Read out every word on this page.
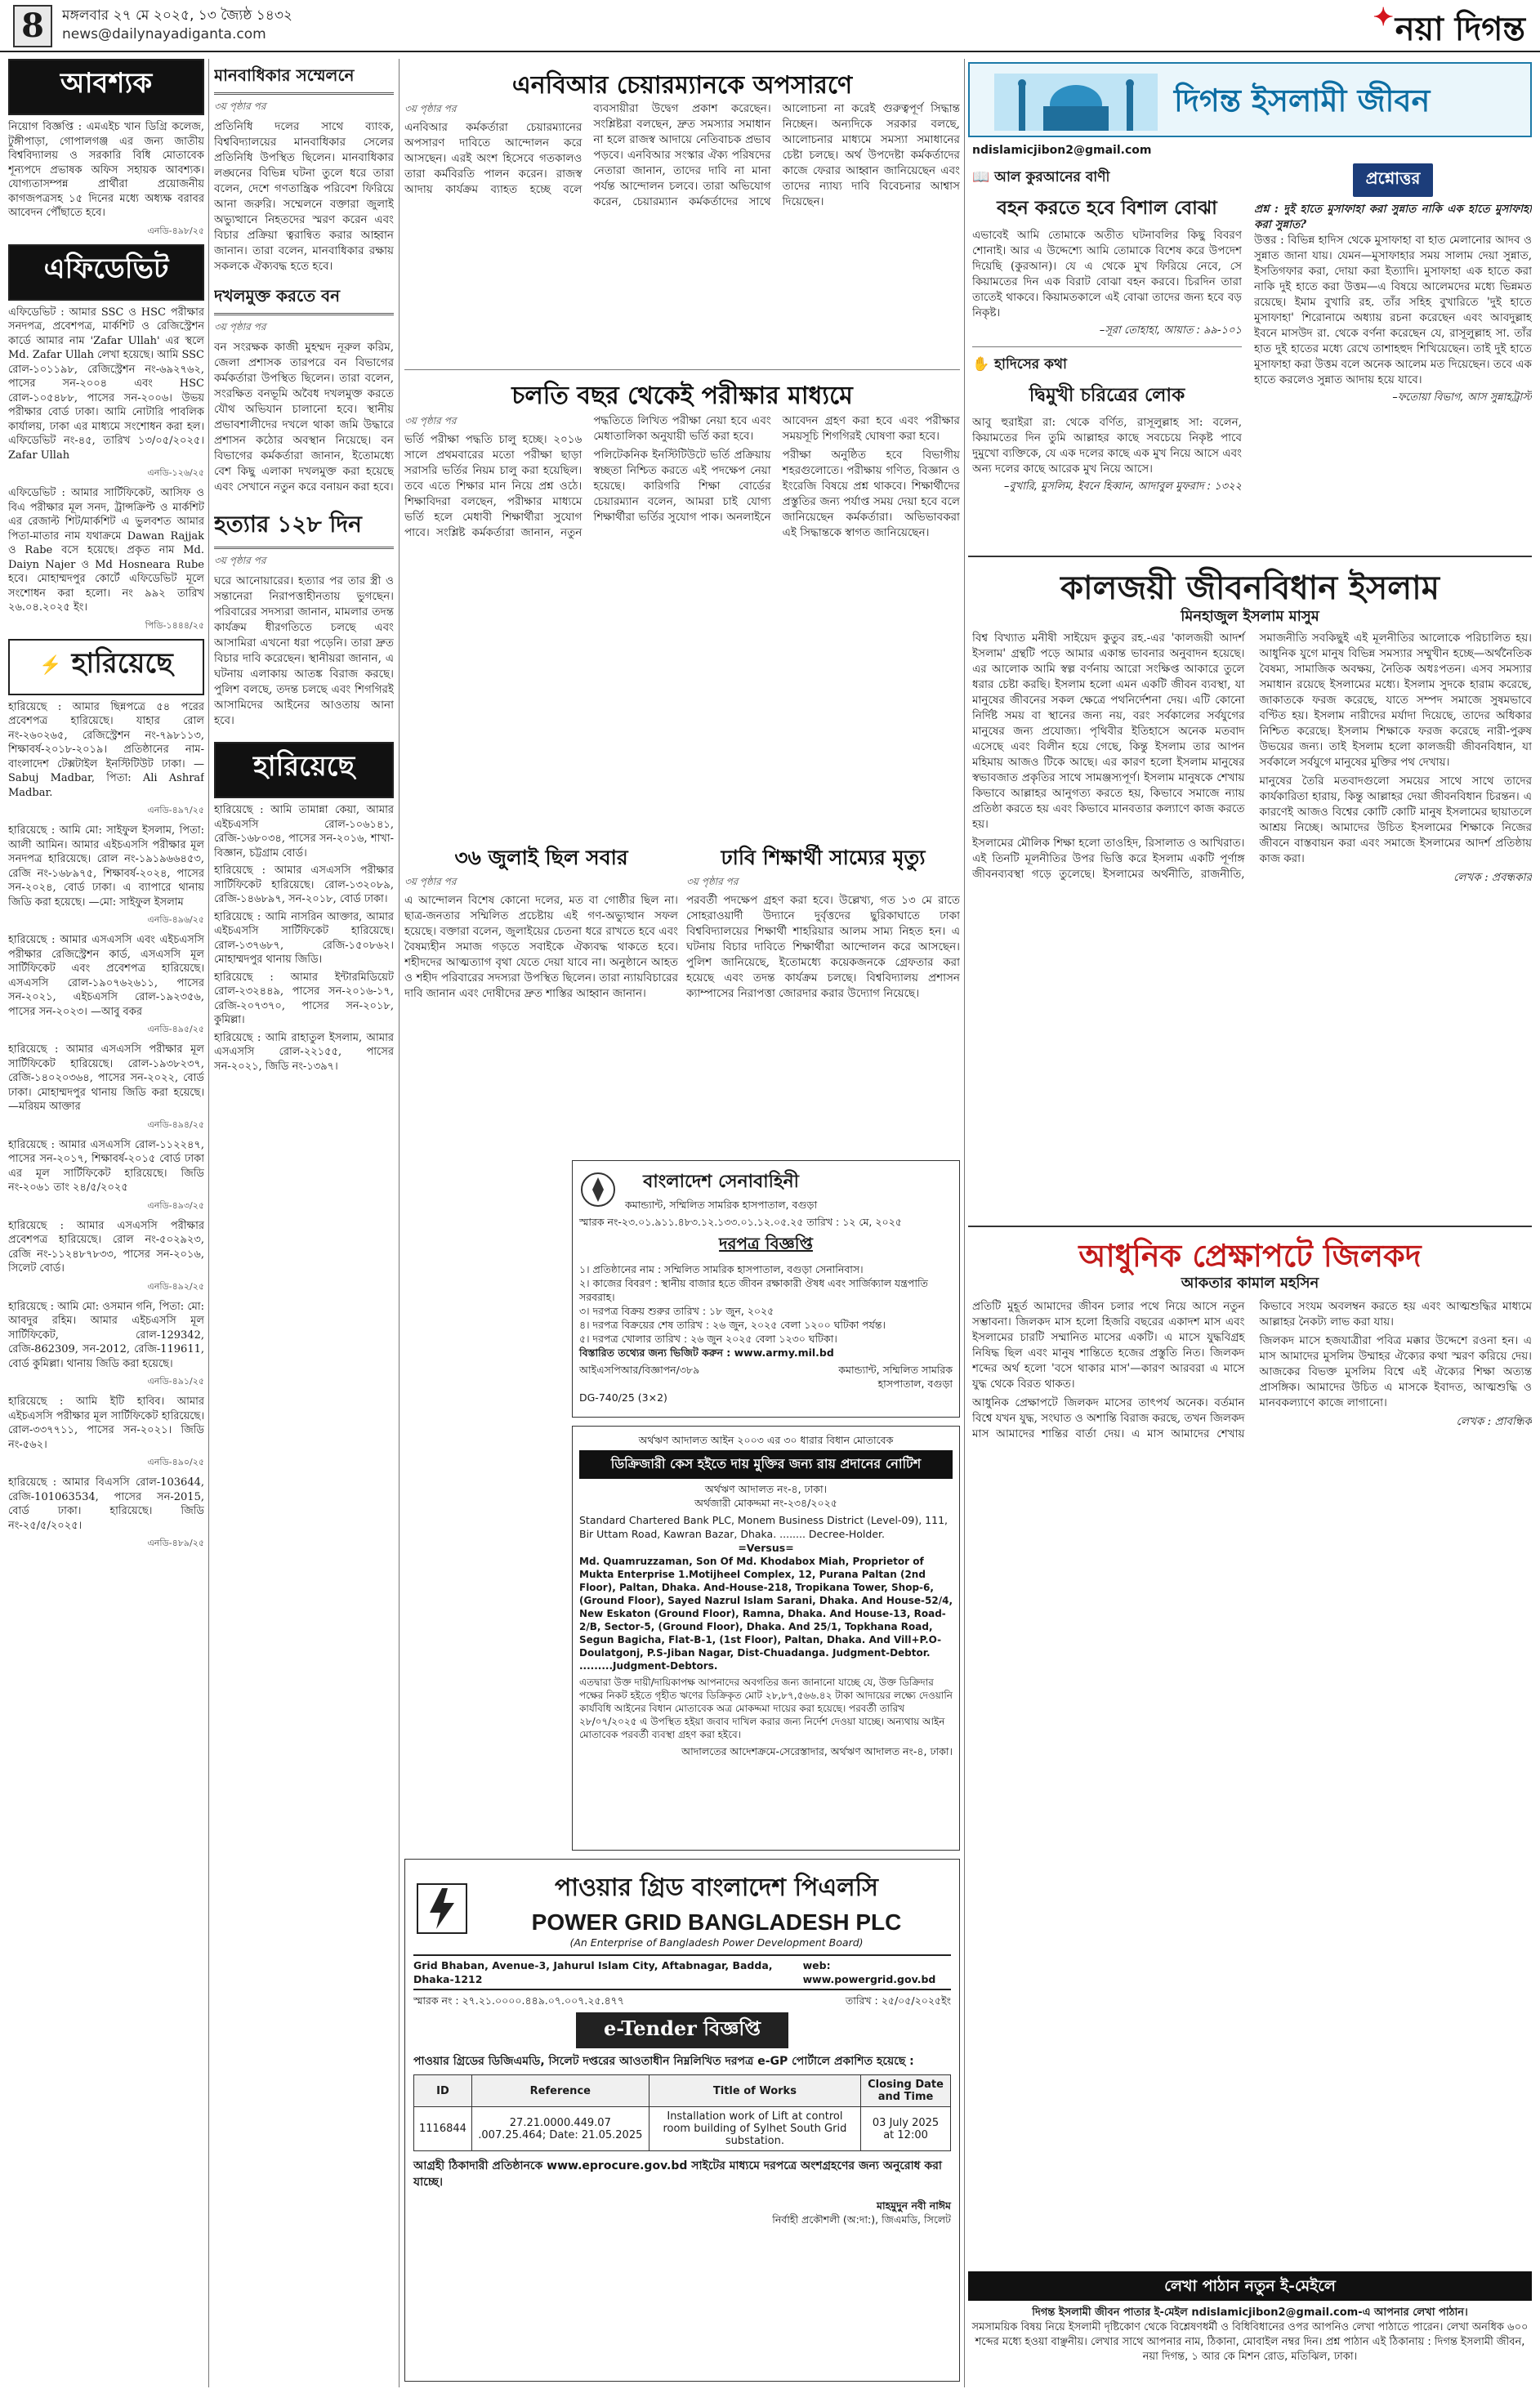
8	মঙ্গলবার ২৭ মে ২০২৫, ১৩ জ্যৈষ্ঠ ১৪৩২
news@dailynayadiganta.com
✦নয়া দিগন্ত
আবশ্যক
নিয়োগ বিজ্ঞপ্তি : এমএইচ খান ডিগ্রি কলেজ, টুঙ্গীপাড়া, গোপালগঞ্জ এর জন্য জাতীয় বিশ্ববিদ্যালয় ও সরকারি বিধি মোতাবেক শূন্যপদে প্রভাষক অফিস সহায়ক আবশ্যক। যোগ্যতাসম্পন্ন প্রার্থীরা প্রয়োজনীয় কাগজপত্রসহ ১৫ দিনের মধ্যে অধ্যক্ষ বরাবর আবেদন পৌঁছাতে হবে।
এনডি-৪৯৮/২৫
এফিডেভিট
এফিডেভিট : আমার SSC ও HSC পরীক্ষার সনদপত্র, প্রবেশপত্র, মার্কশিট ও রেজিস্ট্রেশন কার্ডে আমার নাম 'Zafar Ullah' এর স্থলে Md. Zafar Ullah লেখা হয়েছে। আমি SSC রোল-১০১১৯৮, রেজিস্ট্রেশন নং-৬৯২৭৬২, পাসের সন-২০০৪ এবং HSC রোল-১০৫৪৮৮, পাসের সন-২০০৬। উভয় পরীক্ষার বোর্ড ঢাকা। আমি নোটারি পাবলিক কার্যালয়, ঢাকা এর মাধ্যমে সংশোধন করা হল। এফিডেভিট নং-৪৫, তারিখ ১৩/০৫/২০২৫। Zafar Ullah
এনডি-১২৬/২৫
এফিডেভিট : আমার সার্টিফিকেট, আসিফ ও বিএ পরীক্ষার মূল সনদ, ট্রান্সক্রিপ্ট ও মার্কশিট এর রেজাল্ট শিট/মার্কশিট এ ভুলবশত আমার পিতা-মাতার নাম যথাক্রমে Dawan Rajjak ও Rabe বসে হয়েছে। প্রকৃত নাম Md. Daiyn Najer ও Md Hosneara Rube হবে। মোহাম্মদপুর কোর্টে এফিডেভিট মূলে সংশোধন করা হলো। নং ৯৯২ তারিখ ২৬.০৪.২০২৫ ইং।
পিডি-১৪৪৪/২৫
⚡ হারিয়েছে
হারিয়েছে : আমার ছিন্নপত্রে ৫৪ পরের প্রবেশপত্র হারিয়েছে। যাহার রোল নং-২৬০২৬৫, রেজিস্ট্রেশন নং-৭৯৮১১৩, শিক্ষাবর্ষ-২০১৮-২০১৯। প্রতিষ্ঠানের নাম-বাংলাদেশ টেক্সটাইল ইনস্টিটিউট ঢাকা। —Sabuj Madbar, পিতা: Ali Ashraf Madbar.
এনডি-৪৯৭/২৫
হারিয়েছে : আমি মো: সাইফুল ইসলাম, পিতা: আলী আমিন। আমার এইচএসসি পরীক্ষার মূল সনদপত্র হারিয়েছে। রোল নং-১৯১৯৬৬৪৫৩, রেজি নং-১৬৮৯৭৫, শিক্ষাবর্ষ-২০২৪, পাসের সন-২০২৪, বোর্ড ঢাকা। এ ব্যাপারে থানায় জিডি করা হয়েছে। —মো: সাইফুল ইসলাম
এনডি-৪৯৬/২৫
হারিয়েছে : আমার এসএসসি এবং এইচএসসি পরীক্ষার রেজিস্ট্রেশন কার্ড, এসএসসি মূল সার্টিফিকেট এবং প্রবেশপত্র হারিয়েছে। এসএসসি রোল-১৯০৭৬২৬১১, পাসের সন-২০২১, এইচএসসি রোল-১৯২৩৫৬, পাসের সন-২০২৩। —আবু বকর
এনডি-৪৯৫/২৫
হারিয়েছে : আমার এসএসসি পরীক্ষার মূল সার্টিফিকেট হারিয়েছে। রোল-১৯৩৮২৩৭, রেজি-১৪০২০৩৬৪, পাসের সন-২০২২, বোর্ড ঢাকা। মোহাম্মদপুর থানায় জিডি করা হয়েছে। —মরিয়ম আক্তার
এনডি-৪৯৪/২৫
হারিয়েছে : আমার এসএসসি রোল-১১২২৪৭, পাসের সন-২০১৭, শিক্ষাবর্ষ-২০১৫ বোর্ড ঢাকা এর মূল সার্টিফিকেট হারিয়েছে। জিডি নং-২০৬১ তাং ২৪/৫/২০২৫
এনডি-৪৯৩/২৫
হারিয়েছে : আমার এসএসসি পরীক্ষার প্রবেশপত্র হারিয়েছে। রোল নং-৫০২৯২৩, রেজি নং-১১২৪৮৭৮৩৩, পাসের সন-২০১৬, সিলেট বোর্ড।
এনডি-৪৯২/২৫
হারিয়েছে : আমি মো: ওসমান গনি, পিতা: মো: আবদুর রহিম। আমার এইচএসসি মূল সার্টিফিকেট, রোল-129342, রেজি-862309, সন-2012, রেজি-119611, বোর্ড কুমিল্লা। থানায় জিডি করা হয়েছে।
এনডি-৪৯১/২৫
হারিয়েছে : আমি ইটি হাবিব। আমার এইচএসসি পরীক্ষার মূল সার্টিফিকেট হারিয়েছে। রোল-৩৩৭৭১১, পাসের সন-২০২১। জিডি নং-৫৬২।
এনডি-৪৯০/২৫
হারিয়েছে : আমার বিএসসি রোল-103644, রেজি-101063534, পাসের সন-2015, বোর্ড ঢাকা। হারিয়েছে। জিডি নং-২৫/৫/২০২৫।
এনডি-৪৮৯/২৫
মানবাধিকার সম্মেলনে
৩য় পৃষ্ঠার পর
প্রতিনিধি দলের সাথে ব্যাংক, বিশ্ববিদ্যালয়ের মানবাধিকার সেলের প্রতিনিধি উপস্থিত ছিলেন। মানবাধিকার লঙ্ঘনের বিভিন্ন ঘটনা তুলে ধরে তারা বলেন, দেশে গণতান্ত্রিক পরিবেশ ফিরিয়ে আনা জরুরি। সম্মেলনে বক্তারা জুলাই অভ্যুত্থানে নিহতদের স্মরণ করেন এবং বিচার প্রক্রিয়া ত্বরান্বিত করার আহ্বান জানান। তারা বলেন, মানবাধিকার রক্ষায় সকলকে ঐক্যবদ্ধ হতে হবে।
দখলমুক্ত করতে বন
৩য় পৃষ্ঠার পর
বন সংরক্ষক কাজী মুহম্মদ নূরুল করিম, জেলা প্রশাসক তারপরে বন বিভাগের কর্মকর্তারা উপস্থিত ছিলেন। তারা বলেন, সংরক্ষিত বনভূমি অবৈধ দখলমুক্ত করতে যৌথ অভিযান চালানো হবে। স্থানীয় প্রভাবশালীদের দখলে থাকা জমি উদ্ধারে প্রশাসন কঠোর অবস্থান নিয়েছে। বন বিভাগের কর্মকর্তারা জানান, ইতোমধ্যে বেশ কিছু এলাকা দখলমুক্ত করা হয়েছে এবং সেখানে নতুন করে বনায়ন করা হবে।
হত্যার ১২৮ দিন
৩য় পৃষ্ঠার পর
ঘরে আনোয়ারের। হত্যার পর তার স্ত্রী ও সন্তানেরা নিরাপত্তাহীনতায় ভুগছেন। পরিবারের সদস্যরা জানান, মামলার তদন্ত কার্যক্রম ধীরগতিতে চলছে এবং আসামিরা এখনো ধরা পড়েনি। তারা দ্রুত বিচার দাবি করেছেন। স্থানীয়রা জানান, এ ঘটনায় এলাকায় আতঙ্ক বিরাজ করছে। পুলিশ বলছে, তদন্ত চলছে এবং শিগগিরই আসামিদের আইনের আওতায় আনা হবে।
হারিয়েছে
হারিয়েছে : আমি তামান্না কেয়া, আমার এইচএসসি রোল-১০৬১৪১, রেজি-১৬৮০৩৪, পাসের সন-২০১৬, শাখা-বিজ্ঞান, চট্টগ্রাম বোর্ড।
হারিয়েছে : আমার এসএসসি পরীক্ষার সার্টিফিকেট হারিয়েছে। রোল-১৩২০৮৯, রেজি-১৪৬৮৯৭, সন-২০১৮, বোর্ড ঢাকা।
হারিয়েছে : আমি নাসরিন আক্তার, আমার এইচএসসি সার্টিফিকেট হারিয়েছে। রোল-১৩৭৬৮৭, রেজি-১৫০৮৬২। মোহাম্মদপুর থানায় জিডি।
হারিয়েছে : আমার ইন্টারমিডিয়েট রোল-২৩২৪৪৯, পাসের সন-২০১৬-১৭, রেজি-২০৭৩৭০, পাসের সন-২০১৮, কুমিল্লা।
হারিয়েছে : আমি রাহাতুল ইসলাম, আমার এসএসসি রোল-২২১৫৫, পাসের সন-২০২১, জিডি নং-১৩৯৭।
এনবিআর চেয়ারম্যানকে অপসারণে
৩য় পৃষ্ঠার পর
এনবিআর কর্মকর্তারা চেয়ারম্যানের অপসারণ দাবিতে আন্দোলন করে আসছেন। এরই অংশ হিসেবে গতকালও তারা কর্মবিরতি পালন করেন। রাজস্ব আদায় কার্যক্রম ব্যাহত হচ্ছে বলে ব্যবসায়ীরা উদ্বেগ প্রকাশ করেছেন। সংশ্লিষ্টরা বলছেন, দ্রুত সমস্যার সমাধান না হলে রাজস্ব আদায়ে নেতিবাচক প্রভাব পড়বে। এনবিআর সংস্কার ঐক্য পরিষদের নেতারা জানান, তাদের দাবি না মানা পর্যন্ত আন্দোলন চলবে। তারা অভিযোগ করেন, চেয়ারম্যান কর্মকর্তাদের সাথে আলোচনা না করেই গুরুত্বপূর্ণ সিদ্ধান্ত নিচ্ছেন। অন্যদিকে সরকার বলছে, আলোচনার মাধ্যমে সমস্যা সমাধানের চেষ্টা চলছে। অর্থ উপদেষ্টা কর্মকর্তাদের কাজে ফেরার আহ্বান জানিয়েছেন এবং তাদের ন্যায্য দাবি বিবেচনার আশ্বাস দিয়েছেন।
চলতি বছর থেকেই পরীক্ষার মাধ্যমে
৩য় পৃষ্ঠার পর

ভর্তি পরীক্ষা পদ্ধতি চালু হচ্ছে। ২০১৬ সালে প্রথমবারের মতো পরীক্ষা ছাড়া সরাসরি ভর্তির নিয়ম চালু করা হয়েছিল। তবে এতে শিক্ষার মান নিয়ে প্রশ্ন ওঠে। শিক্ষাবিদরা বলছেন, পরীক্ষার মাধ্যমে ভর্তি হলে মেধাবী শিক্ষার্থীরা সুযোগ পাবে। সংশ্লিষ্ট কর্মকর্তারা জানান, নতুন পদ্ধতিতে লিখিত পরীক্ষা নেয়া হবে এবং মেধাতালিকা অনুযায়ী ভর্তি করা হবে।

পলিটেকনিক ইনস্টিটিউটে ভর্তি প্রক্রিয়ায় স্বচ্ছতা নিশ্চিত করতে এই পদক্ষেপ নেয়া হয়েছে। কারিগরি শিক্ষা বোর্ডের চেয়ারম্যান বলেন, আমরা চাই যোগ্য শিক্ষার্থীরা ভর্তির সুযোগ পাক। অনলাইনে আবেদন গ্রহণ করা হবে এবং পরীক্ষার সময়সূচি শিগগিরই ঘোষণা করা হবে।

পরীক্ষা অনুষ্ঠিত হবে বিভাগীয় শহরগুলোতে। পরীক্ষায় গণিত, বিজ্ঞান ও ইংরেজি বিষয়ে প্রশ্ন থাকবে। শিক্ষার্থীদের প্রস্তুতির জন্য পর্যাপ্ত সময় দেয়া হবে বলে জানিয়েছেন কর্মকর্তারা। অভিভাবকরা এই সিদ্ধান্তকে স্বাগত জানিয়েছেন।

ঢাবি শিক্ষার্থী সাম্যের মৃত্যু
৩য় পৃষ্ঠার পর
পরবর্তী পদক্ষেপ গ্রহণ করা হবে। উল্লেখ্য, গত ১৩ মে রাতে সোহরাওয়ার্দী উদ্যানে দুর্বৃত্তদের ছুরিকাঘাতে ঢাকা বিশ্ববিদ্যালয়ের শিক্ষার্থী শাহরিয়ার আলম সাম্য নিহত হন। এ ঘটনায় বিচার দাবিতে শিক্ষার্থীরা আন্দোলন করে আসছেন। পুলিশ জানিয়েছে, ইতোমধ্যে কয়েকজনকে গ্রেফতার করা হয়েছে এবং তদন্ত কার্যক্রম চলছে। বিশ্ববিদ্যালয় প্রশাসন ক্যাম্পাসের নিরাপত্তা জোরদার করার উদ্যোগ নিয়েছে।
৩৬ জুলাই ছিল সবার
৩য় পৃষ্ঠার পর
এ আন্দোলন বিশেষ কোনো দলের, মত বা গোষ্ঠীর ছিল না। ছাত্র-জনতার সম্মিলিত প্রচেষ্টায় এই গণ-অভ্যুত্থান সফল হয়েছে। বক্তারা বলেন, জুলাইয়ের চেতনা ধরে রাখতে হবে এবং বৈষম্যহীন সমাজ গড়তে সবাইকে ঐক্যবদ্ধ থাকতে হবে। শহীদদের আত্মত্যাগ বৃথা যেতে দেয়া যাবে না। অনুষ্ঠানে আহত ও শহীদ পরিবারের সদস্যরা উপস্থিত ছিলেন। তারা ন্যায়বিচারের দাবি জানান এবং দোষীদের দ্রুত শাস্তির আহ্বান জানান।
বাংলাদেশ সেনাবাহিনী
কমান্ড্যান্ট, সম্মিলিত সামরিক হাসপাতাল, বগুড়া
স্মারক নং-২৩.০১.৯১১.৪৮৩.১২.১৩৩.০১.১২.০৫.২৫ তারিখ : ১২ মে, ২০২৫
দরপত্র বিজ্ঞপ্তি
১। প্রতিষ্ঠানের নাম : সম্মিলিত সামরিক হাসপাতাল, বগুড়া সেনানিবাস।
২। কাজের বিবরণ : স্থানীয় বাজার হতে জীবন রক্ষাকারী ঔষধ এবং সার্জিক্যাল যন্ত্রপাতি সরবরাহ।
৩। দরপত্র বিক্রয় শুরুর তারিখ : ১৮ জুন, ২০২৫
৪। দরপত্র বিক্রয়ের শেষ তারিখ : ২৬ জুন, ২০২৫ বেলা ১২০০ ঘটিকা পর্যন্ত।
৫। দরপত্র খোলার তারিখ : ২৬ জুন ২০২৫ বেলা ১২৩০ ঘটিকা।
বিস্তারিত তথ্যের জন্য ভিজিট করুন : www.army.mil.bd
আইএসপিআর/বিজ্ঞাপন/৩৮৯	কমান্ড্যান্ট, সম্মিলিত সামরিক হাসপাতাল, বগুড়া
DG-740/25 (3×2)
অর্থঋণ আদালত আইন ২০০৩ এর ৩০ ধারার বিধান মোতাবেক
ডিক্রিজারী কেস হইতে দায় মুক্তির জন্য রায় প্রদানের নোটিশ
অর্থঋণ আদালত নং-৪, ঢাকা।
অর্থজারী মোকদ্দমা নং-২৩৪/২০২৫
Standard Chartered Bank PLC, Monem Business District (Level-09), 111, Bir Uttam Road, Kawran Bazar, Dhaka. ........ Decree-Holder.
=Versus=
Md. Quamruzzaman, Son Of Md. Khodabox Miah, Proprietor of Mukta Enterprise 1.Motijheel Complex, 12, Purana Paltan (2nd Floor), Paltan, Dhaka. And-House-218, Tropikana Tower, Shop-6, (Ground Floor), Sayed Nazrul Islam Sarani, Dhaka. And House-52/4, New Eskaton (Ground Floor), Ramna, Dhaka. And House-13, Road-2/B, Sector-5, (Ground Floor), Dhaka. And 25/1, Topkhana Road, Segun Bagicha, Flat-B-1, (1st Floor), Paltan, Dhaka. And Vill+P.O-Doulatgonj, P.S-Jiban Nagar, Dist-Chuadanga. Judgment-Debtor. .........Judgment-Debtors.
এতদ্বারা উক্ত দায়ী/দায়িকাপক্ষ আপনাদের অবগতির জন্য জানানো যাচ্ছে যে, উক্ত ডিক্রিদার পক্ষের নিকট হইতে গৃহীত ঋণের ডিক্রিকৃত মোট ২৮,৮৭,৫৬৬.৪২ টাকা আদায়ের লক্ষ্যে দেওয়ানি কার্যবিধি আইনের বিধান মোতাবেক অত্র মোকদ্দমা দায়ের করা হয়েছে। পরবর্তী তারিখ ২৮/০৭/২০২৫ এ উপস্থিত হইয়া জবাব দাখিল করার জন্য নির্দেশ দেওয়া যাচ্ছে। অন্যথায় আইন মোতাবেক পরবর্তী ব্যবস্থা গ্রহণ করা হইবে।
আদালতের আদেশক্রমে-সেরেস্তাদার, অর্থঋণ আদালত নং-৪, ঢাকা।
পাওয়ার গ্রিড বাংলাদেশ পিএলসি
POWER GRID BANGLADESH PLC
(An Enterprise of Bangladesh Power Development Board)
Grid Bhaban, Avenue-3, Jahurul Islam City, Aftabnagar, Badda, Dhaka-1212
web: www.powergrid.gov.bd
স্মারক নং : ২৭.২১.০০০০.৪৪৯.০৭.০০৭.২৫.৪৭৭	তারিখ : ২৫/০৫/২০২৫ইং
e-Tender বিজ্ঞপ্তি
পাওয়ার গ্রিডের ডিজিএমডি, সিলেট দপ্তরের আওতাধীন নিম্নলিখিত দরপত্র e-GP পোর্টালে প্রকাশিত হয়েছে :
ID	Reference	Title of Works	Closing Date and Time
1116844	27.21.0000.449.07 .007.25.464; Date: 21.05.2025	Installation work of Lift at control room building of Sylhet South Grid substation.	03 July 2025 at 12:00
আগ্রহী ঠিকাদারী প্রতিষ্ঠানকে www.eprocure.gov.bd সাইটের মাধ্যমে দরপত্রে অংশগ্রহণের জন্য অনুরোধ করা যাচ্ছে।
মাহমুদুন নবী নাঈম
নির্বাহী প্রকৌশলী (অ:দা:), জিএমডি, সিলেট
দিগন্ত ইসলামী জীবন
ndislamicjibon2@gmail.com
📖 আল কুরআনের বাণী
বহন করতে হবে বিশাল বোঝা
এভাবেই আমি তোমাকে অতীত ঘটনাবলির কিছু বিবরণ শোনাই। আর এ উদ্দেশ্যে আমি তোমাকে বিশেষ করে উপদেশ দিয়েছি (কুরআন)। যে এ থেকে মুখ ফিরিয়ে নেবে, সে কিয়ামতের দিন এক বিরাট বোঝা বহন করবে। চিরদিন তারা তাতেই থাকবে। কিয়ামতকালে এই বোঝা তাদের জন্য হবে বড় নিকৃষ্ট।
–সূরা তোহাহা, আয়াত : ৯৯-১০১
✋ হাদিসের কথা
দ্বিমুখী চরিত্রের লোক
আবু হুরাইরা রা: থেকে বর্ণিত, রাসূলুল্লাহ সা: বলেন, কিয়ামতের দিন তুমি আল্লাহর কাছে সবচেয়ে নিকৃষ্ট পাবে দুমুখো ব্যক্তিকে, যে এক দলের কাছে এক মুখ নিয়ে আসে এবং অন্য দলের কাছে আরেক মুখ নিয়ে আসে।
–বুখারি, মুসলিম, ইবনে হিব্বান, আদাবুল মুফরাদ : ১৩২২
প্রশ্নোত্তর
প্রশ্ন : দুই হাতে মুসাফাহা করা সুন্নাত নাকি এক হাতে মুসাফাহা করা সুন্নাত?
উত্তর : বিভিন্ন হাদিস থেকে মুসাফাহা বা হাত মেলানোর আদব ও সুন্নাত জানা যায়। যেমন—মুসাফাহার সময় সালাম দেয়া সুন্নাত, ইসতিগফার করা, দোয়া করা ইত্যাদি। মুসাফাহা এক হাতে করা নাকি দুই হাতে করা উত্তম—এ বিষয়ে আলেমদের মধ্যে ভিন্নমত রয়েছে। ইমাম বুখারি রহ. তাঁর সহিহ বুখারিতে 'দুই হাতে মুসাফাহা' শিরোনামে অধ্যায় রচনা করেছেন এবং আবদুল্লাহ ইবনে মাসউদ রা. থেকে বর্ণনা করেছেন যে, রাসূলুল্লাহ সা. তাঁর হাত দুই হাতের মধ্যে রেখে তাশাহহুদ শিখিয়েছেন। তাই দুই হাতে মুসাফাহা করা উত্তম বলে অনেক আলেম মত দিয়েছেন। তবে এক হাতে করলেও সুন্নাত আদায় হয়ে যাবে।
–ফতোয়া বিভাগ, আস সুন্নাহট্রাস্ট
কালজয়ী জীবনবিধান ইসলাম
মিনহাজুল ইসলাম মাসুম

বিশ্ব বিখ্যাত মনীষী সাইয়েদ কুতুব রহ.-এর 'কালজয়ী আদর্শ ইসলাম' গ্রন্থটি পড়ে আমার একান্ত ভাবনার অনুবাদন হয়েছে। এর আলোক আমি স্বল্প বর্ণনায় আরো সংক্ষিপ্ত আকারে তুলে ধরার চেষ্টা করছি। ইসলাম হলো এমন একটি জীবন ব্যবস্থা, যা মানুষের জীবনের সকল ক্ষেত্রে পথনির্দেশনা দেয়। এটি কোনো নির্দিষ্ট সময় বা স্থানের জন্য নয়, বরং সর্বকালের সর্বযুগের মানুষের জন্য প্রযোজ্য। পৃথিবীর ইতিহাসে অনেক মতবাদ এসেছে এবং বিলীন হয়ে গেছে, কিন্তু ইসলাম তার আপন মহিমায় আজও টিকে আছে। এর কারণ হলো ইসলাম মানুষের স্বভাবজাত প্রকৃতির সাথে সামঞ্জস্যপূর্ণ। ইসলাম মানুষকে শেখায় কিভাবে আল্লাহর আনুগত্য করতে হয়, কিভাবে সমাজে ন্যায় প্রতিষ্ঠা করতে হয় এবং কিভাবে মানবতার কল্যাণে কাজ করতে হয়।

ইসলামের মৌলিক শিক্ষা হলো তাওহিদ, রিসালাত ও আখিরাত। এই তিনটি মূলনীতির উপর ভিত্তি করে ইসলাম একটি পূর্ণাঙ্গ জীবনব্যবস্থা গড়ে তুলেছে। ইসলামের অর্থনীতি, রাজনীতি, সমাজনীতি সবকিছুই এই মূলনীতির আলোকে পরিচালিত হয়। আধুনিক যুগে মানুষ বিভিন্ন সমস্যার সম্মুখীন হচ্ছে—অর্থনৈতিক বৈষম্য, সামাজিক অবক্ষয়, নৈতিক অধঃপতন। এসব সমস্যার সমাধান রয়েছে ইসলামের মধ্যে। ইসলাম সুদকে হারাম করেছে, জাকাতকে ফরজ করেছে, যাতে সম্পদ সমাজে সুষমভাবে বণ্টিত হয়। ইসলাম নারীদের মর্যাদা দিয়েছে, তাদের অধিকার নিশ্চিত করেছে। ইসলাম শিক্ষাকে ফরজ করেছে নারী-পুরুষ উভয়ের জন্য। তাই ইসলাম হলো কালজয়ী জীবনবিধান, যা সর্বকালে সর্বযুগে মানুষের মুক্তির পথ দেখায়।

মানুষের তৈরি মতবাদগুলো সময়ের সাথে সাথে তাদের কার্যকারিতা হারায়, কিন্তু আল্লাহর দেয়া জীবনবিধান চিরন্তন। এ কারণেই আজও বিশ্বের কোটি কোটি মানুষ ইসলামের ছায়াতলে আশ্রয় নিচ্ছে। আমাদের উচিত ইসলামের শিক্ষাকে নিজের জীবনে বাস্তবায়ন করা এবং সমাজে ইসলামের আদর্শ প্রতিষ্ঠায় কাজ করা।

লেখক : প্রবন্ধকার

আধুনিক প্রেক্ষাপটে জিলকদ
আকতার কামাল মহসিন

প্রতিটি মুহূর্ত আমাদের জীবন চলার পথে নিয়ে আসে নতুন সম্ভাবনা। জিলকদ মাস হলো হিজরি বছরের একাদশ মাস এবং ইসলামের চারটি সম্মানিত মাসের একটি। এ মাসে যুদ্ধবিগ্রহ নিষিদ্ধ ছিল এবং মানুষ শান্তিতে হজের প্রস্তুতি নিত। জিলকদ শব্দের অর্থ হলো 'বসে থাকার মাস'—কারণ আরবরা এ মাসে যুদ্ধ থেকে বিরত থাকত।

আধুনিক প্রেক্ষাপটে জিলকদ মাসের তাৎপর্য অনেক। বর্তমান বিশ্বে যখন যুদ্ধ, সংঘাত ও অশান্তি বিরাজ করছে, তখন জিলকদ মাস আমাদের শান্তির বার্তা দেয়। এ মাস আমাদের শেখায় কিভাবে সংযম অবলম্বন করতে হয় এবং আত্মশুদ্ধির মাধ্যমে আল্লাহর নৈকট্য লাভ করা যায়।

জিলকদ মাসে হজযাত্রীরা পবিত্র মক্কার উদ্দেশে রওনা হন। এ মাস আমাদের মুসলিম উম্মাহর ঐক্যের কথা স্মরণ করিয়ে দেয়। আজকের বিভক্ত মুসলিম বিশ্বে এই ঐক্যের শিক্ষা অত্যন্ত প্রাসঙ্গিক। আমাদের উচিত এ মাসকে ইবাদত, আত্মশুদ্ধি ও মানবকল্যাণে কাজে লাগানো।

লেখক : প্রাবন্ধিক

লেখা পাঠান নতুন ই-মেইলে
দিগন্ত ইসলামী জীবন পাতার ই-মেইল ndislamicjibon2@gmail.com-এ আপনার লেখা পাঠান।
সমসাময়িক বিষয় নিয়ে ইসলামী দৃষ্টিকোণ থেকে বিশ্লেষণধর্মী ও বিধিবিধানের ওপর আপনিও লেখা পাঠাতে পারেন। লেখা অনধিক ৬০০ শব্দের মধ্যে হওয়া বাঞ্ছনীয়। লেখার সাথে আপনার নাম, ঠিকানা, মোবাইল নম্বর দিন। প্রশ্ন পাঠান এই ঠিকানায় : দিগন্ত ইসলামী জীবন, নয়া দিগন্ত, ১ আর কে মিশন রোড, মতিঝিল, ঢাকা।
